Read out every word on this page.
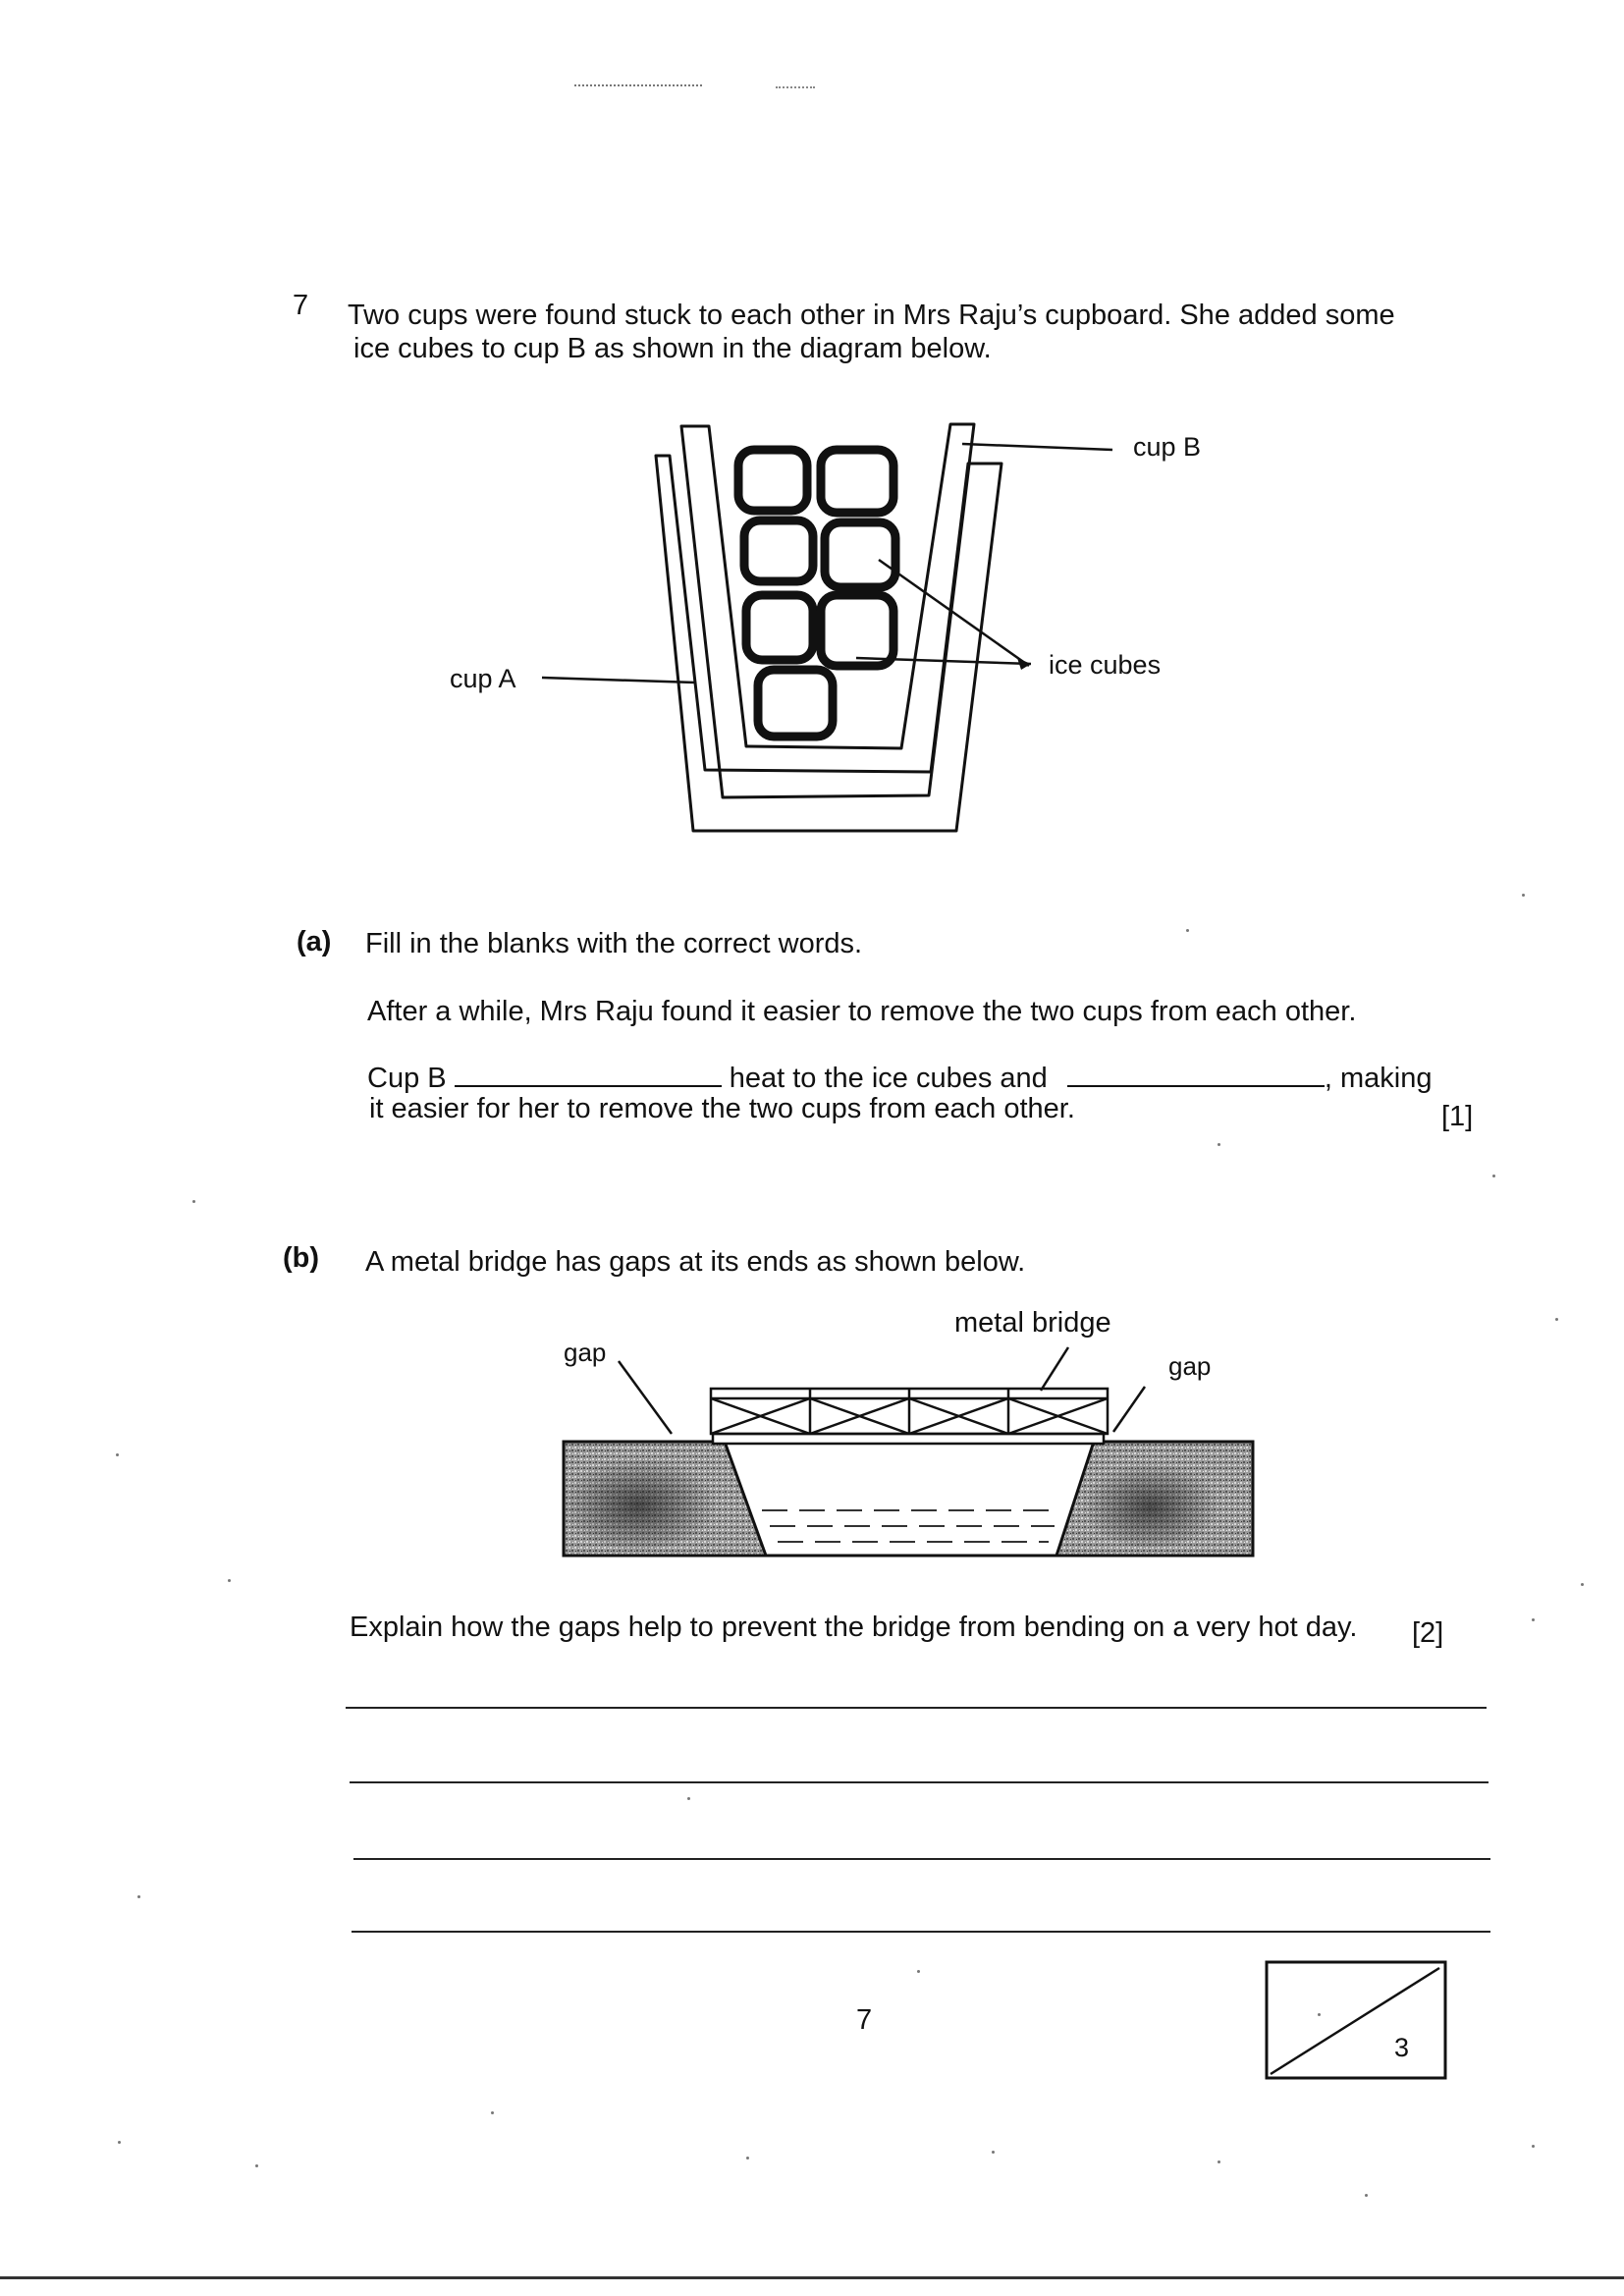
7 Two cups were found stuck to each other in Mrs Raju’s cupboard. She added some
ice cubes to cup B as shown in the diagram below.
cup B
cup A	ice cubes
(a) Fill in the blanks with the correct words.
After a while, Mrs Raju found it easier to remove the two cups from each other.
Cup B	heat to the ice cubes and	, making
it easier for her to remove the two cups from each other.	[1]
(b) A metal bridge has gaps at its ends as shown below.
metal bridge
gap	gap
Explain how the gaps help to prevent the bridge from bending on a very hot day. [2]
7
3
